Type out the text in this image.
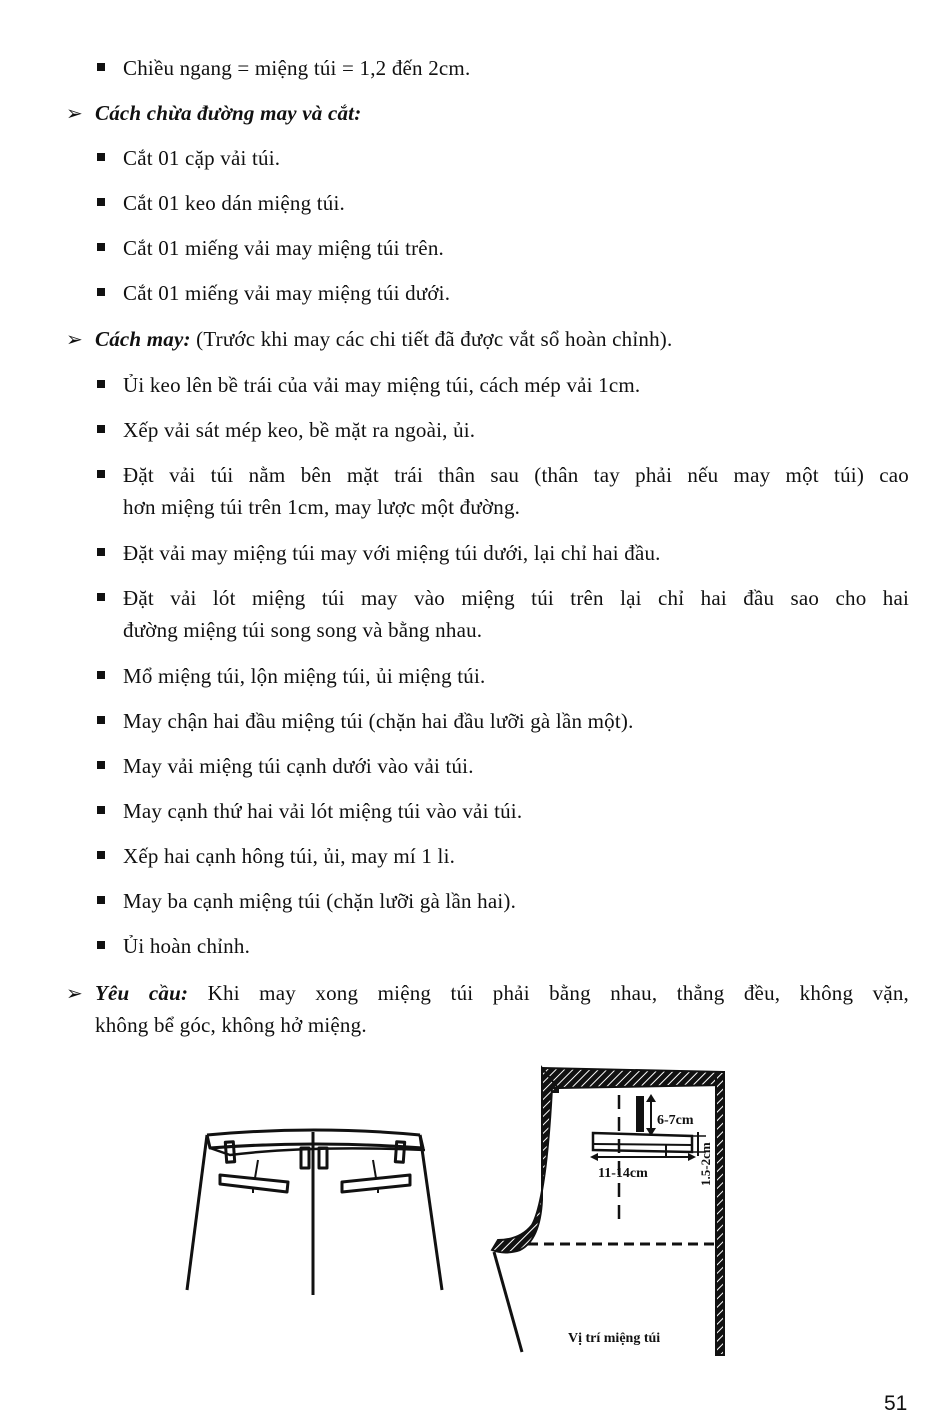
Chiều ngang = miệng túi = 1,2 đến 2cm.
➢ Cách chừa đường may và cắt:
Cắt 01 cặp vải túi.
Cắt 01 keo dán miệng túi.
Cắt 01 miếng vải may miệng túi trên.
Cắt 01 miếng vải may miệng túi dưới.
➢ Cách may: (Trước khi may các chi tiết đã được vắt sổ hoàn chỉnh).
Ủi keo lên bề trái của vải may miệng túi, cách mép vải 1cm.
Xếp vải sát mép keo, bề mặt ra ngoài, ủi.
Đặt vải túi nằm bên mặt trái thân sau (thân tay phải nếu may một túi) cao
hơn miệng túi trên 1cm, may lược một đường.
Đặt vải may miệng túi may với miệng túi dưới, lại chỉ hai đầu.
Đặt vải lót miệng túi may vào miệng túi trên lại chỉ hai đầu sao cho hai
đường miệng túi song song và bằng nhau.
Mổ miệng túi, lộn miệng túi, ủi miệng túi.
May chận hai đầu miệng túi (chặn hai đầu lưỡi gà lần một).
May vải miệng túi cạnh dưới vào vải túi.
May cạnh thứ hai vải lót miệng túi vào vải túi.
Xếp hai cạnh hông túi, ủi, may mí 1 li.
May ba cạnh miệng túi (chặn lưỡi gà lần hai).
Ủi hoàn chỉnh.
➢ Yêu cầu: Khi may xong miệng túi phải bằng nhau, thẳng đều, không vặn,
không bể góc, không hở miệng.
6-7cm
11-14cm	1.5-2cm
Vị trí miệng túi
51
